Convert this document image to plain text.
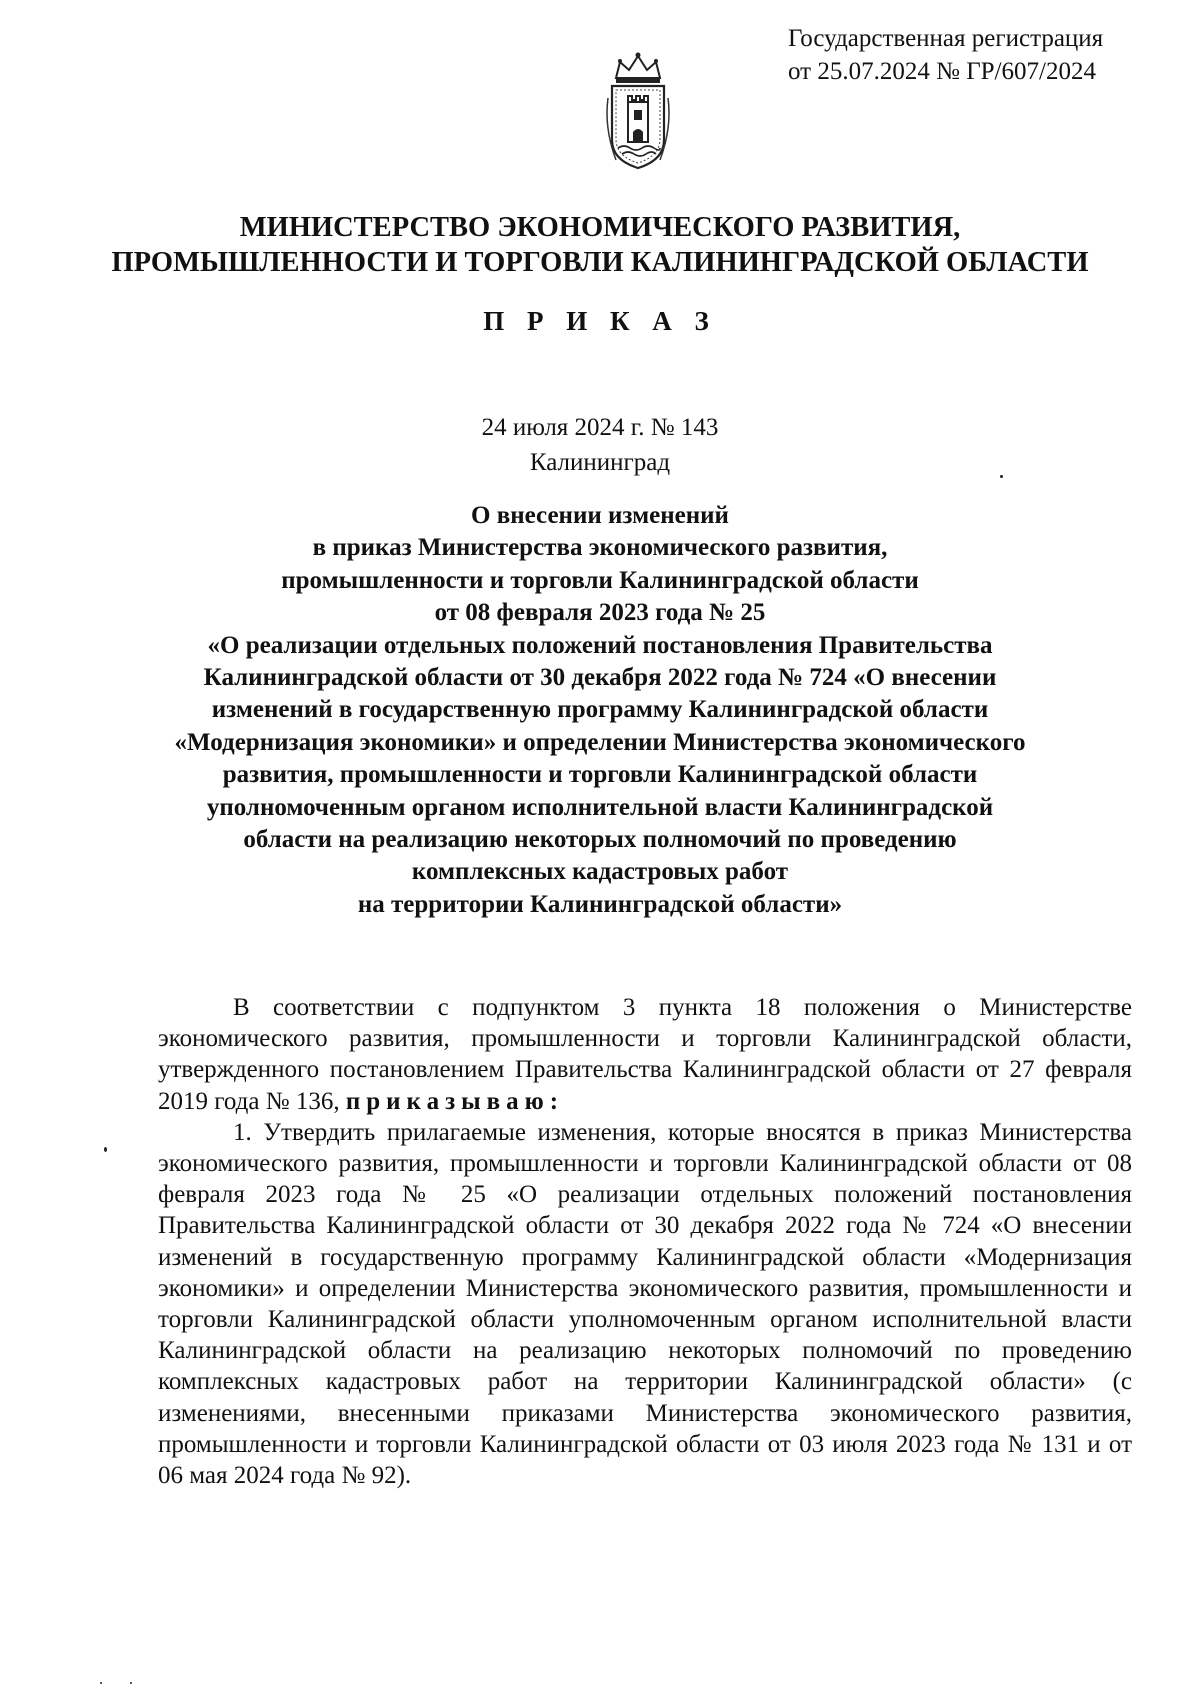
Государственная регистрация
от 25.07.2024 № ГР/607/2024
МИНИСТЕРСТВО ЭКОНОМИЧЕСКОГО РАЗВИТИЯ,
ПРОМЫШЛЕННОСТИ И ТОРГОВЛИ КАЛИНИНГРАДСКОЙ ОБЛАСТИ
П Р И К А З
24 июля 2024 г. № 143
Калининград
О внесении изменений
в приказ Министерства экономического развития,
промышленности и торговли Калининградской области
от 08 февраля 2023 года № 25
«О реализации отдельных положений постановления Правительства
Калининградской области от 30 декабря 2022 года № 724 «О внесении
изменений в государственную программу Калининградской области
«Модернизация экономики» и определении Министерства экономического
развития, промышленности и торговли Калининградской области
уполномоченным органом исполнительной власти Калининградской
области на реализацию некоторых полномочий по проведению
комплексных кадастровых работ
на территории Калининградской области»

В соответствии с подпунктом 3 пункта 18 положения о Министерстве экономического развития, промышленности и торговли Калининградской области, утвержденного постановлением Правительства Калининградской области от 27 февраля 2019 года № 136, приказываю:

1. Утвердить прилагаемые изменения, которые вносятся в приказ Министерства экономического развития, промышленности и торговли Калининградской области от 08 февраля 2023 года № 25 «О реализации отдельных положений постановления Правительства Калининградской области от 30 декабря 2022 года № 724 «О внесении изменений в государственную программу Калининградской области «Модернизация экономики» и определении Министерства экономического развития, промышленности и торговли Калининградской области уполномоченным органом исполнительной власти Калининградской области на реализацию некоторых полномочий по проведению комплексных кадастровых работ на территории Калининградской области» (с изменениями, внесенными приказами Министерства экономического развития, промышленности и торговли Калининградской области от 03 июля 2023 года № 131 и от 06 мая 2024 года № 92).
